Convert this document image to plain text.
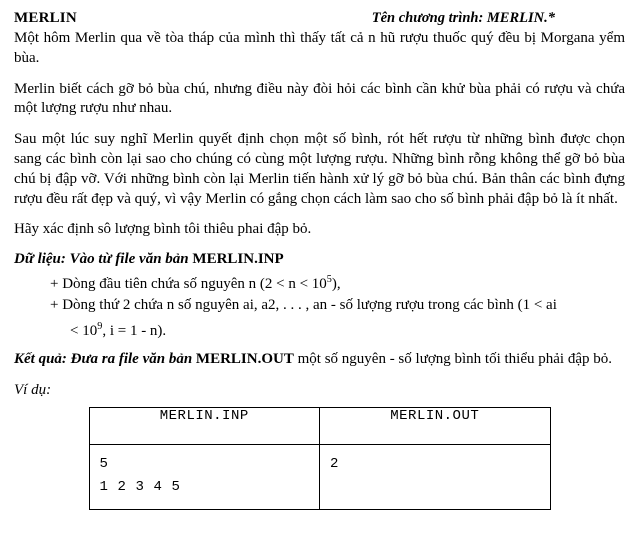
MERLIN	Tên chương trình: MERLIN.*

Một hôm Merlin qua về tòa tháp của mình thì thấy tất cả n hũ rượu thuốc quý đều bị Morgana yểm bùa.

Merlin biết cách gỡ bỏ bùa chú, nhưng điều này đòi hỏi các bình cần khử bùa phải có rượu và chứa một lượng rượu như nhau.

Sau một lúc suy nghĩ Merlin quyết định chọn một số bình, rót hết rượu từ những bình được chọn sang các bình còn lại sao cho chúng có cùng một lượng rượu. Những bình rỗng không thể gỡ bỏ bùa chú bị đập vỡ. Với những bình còn lại Merlin tiến hành xử lý gỡ bỏ bùa chú. Bản thân các bình đựng rượu đều rất đẹp và quý, vì vậy Merlin có gắng chọn cách làm sao cho số bình phải đập bỏ là ít nhất.

Hãy xác định sô lượng bình tôi thiêu phai đập bỏ.

Dữ liệu: Vào từ file văn bản MERLIN.INP
+ Dòng đầu tiên chứa số nguyên n $(2 < n < 10^5)$,
+ Dòng thứ 2 chứa n số nguyên ai, a2, . . . , an - số lượng rượu trong các bình (1 < ai
< $10^9$, i = 1 - n).
Kết quả: Đưa ra file văn bản MERLIN.OUT một số nguyên - số lượng bình tối thiểu phải đập bỏ.
Ví dụ:
MERLIN.INP	MERLIN.OUT

5
1 2 3 4 5	2
